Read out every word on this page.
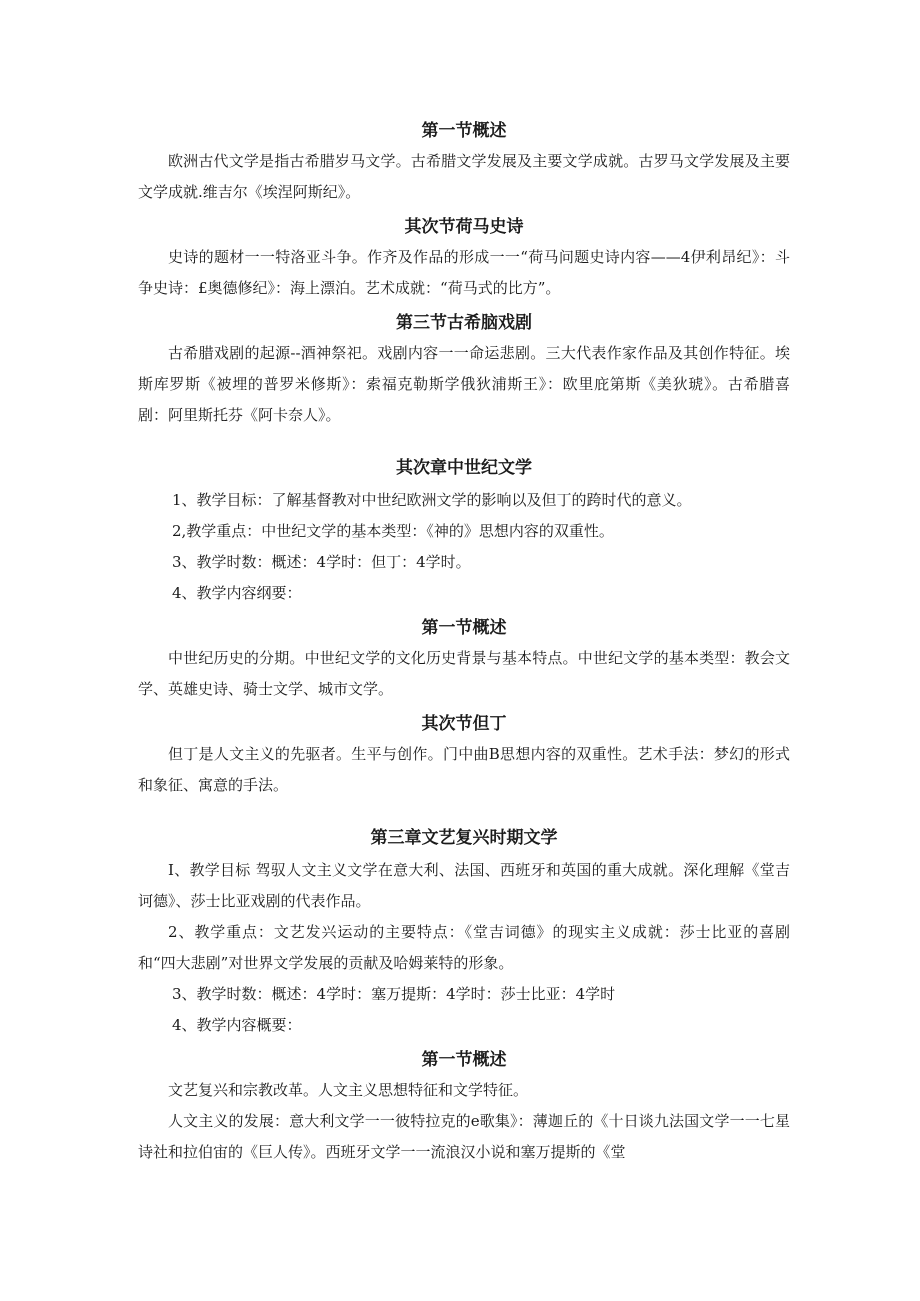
第一节概述

欧洲古代文学是指古希腊岁马文学。古希腊文学发展及主要文学成就。古罗马文学发展及主要文学成就.维吉尔《埃涅阿斯纪》。

其次节荷马史诗

史诗的题材一一特洛亚斗争。作齐及作品的形成一一“荷马问题史诗内容——4伊利昂纪》：斗争史诗：£奥德修纪》：海上漂泊。艺术成就：“荷马式的比方”。

第三节古希脑戏剧

古希腊戏剧的起源--酒神祭祀。戏剧内容一一命运悲剧。三大代表作家作品及其创作特征。埃斯库罗斯《被埋的普罗米修斯》：索福克勒斯学俄狄浦斯王》：欧里庇第斯《美狄琥》。古希腊喜剧：阿里斯托芬《阿卡奈人》。

其次章中世纪文学

1、教学目标：了解基督教对中世纪欧洲文学的影响以及但丁的跨时代的意义。

2,教学重点：中世纪文学的基本类型：《神的》思想内容的双重性。

3、教学时数：概述：4学时：但丁：4学时。

4、教学内容纲要：

第一节概述

中世纪历史的分期。中世纪文学的文化历史背景与基本特点。中世纪文学的基本类型：教会文学、英雄史诗、骑士文学、城市文学。

其次节但丁

但丁是人文主义的先驱者。生平与创作。门中曲B思想内容的双重性。艺术手法：梦幻的形式和象征、寓意的手法。

第三章文艺复兴时期文学

I、教学目标 驾驭人文主义文学在意大利、法国、西班牙和英国的重大成就。深化理解《堂吉诃德》、莎士比亚戏剧的代表作品。

2、教学重点：文艺发兴运动的主要特点：《堂吉词德》的现实主义成就：莎士比亚的喜剧和“四大悲剧”对世界文学发展的贡献及哈姆莱特的形象。

3、教学时数：概述：4学时：塞万提斯：4学时：莎士比亚：4学时

4、教学内容概要：

第一节概述

文艺复兴和宗教改革。人文主义思想特征和文学特征。

人文主义的发展：意大利文学一一彼特拉克的e歌集》：薄迦丘的《十日谈九法国文学一一七星诗社和拉伯宙的《巨人传》。西班牙文学一一流浪汉小说和塞万提斯的《堂
